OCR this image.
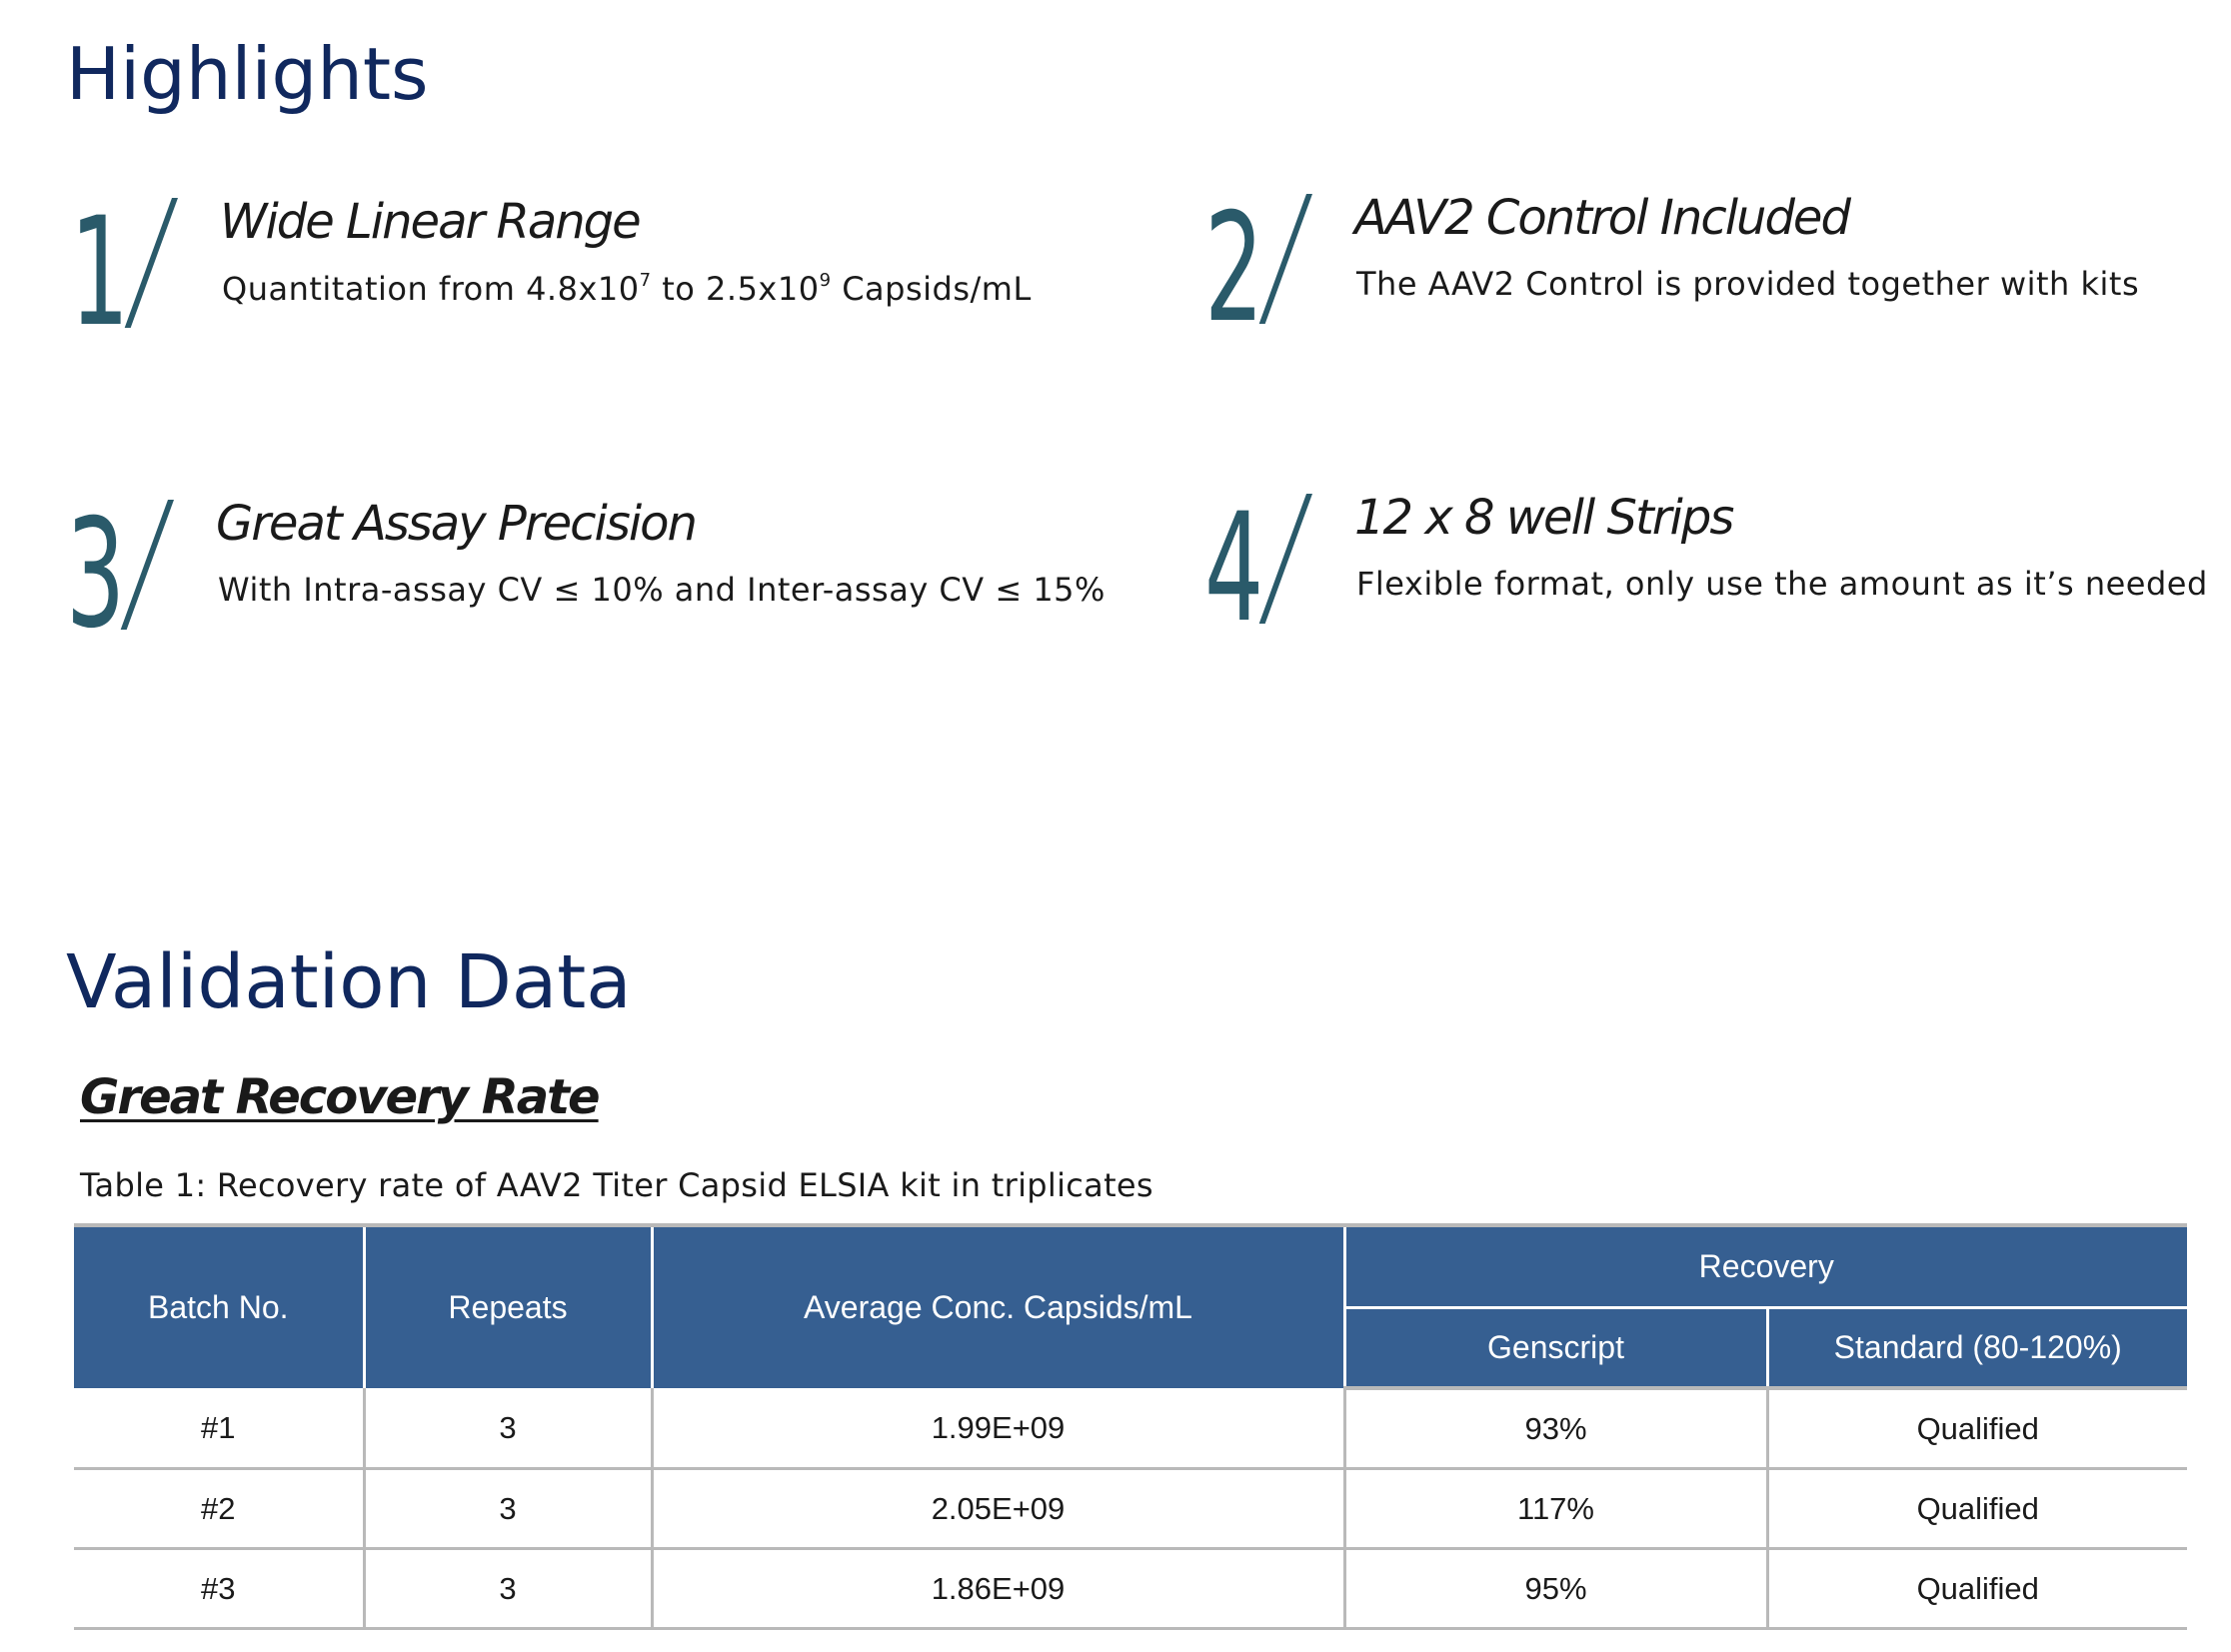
Highlights
1 Wide Linear Range
Quantitation from $4.8x10^7$ to $2.5x10^9$ Capsids/mL 2 AAV2 Control Included
The AAV2 Control is provided together with kits
3 Great Assay Precision
With Intra-assay CV ≤ 10% and Inter-assay CV ≤ 15% 4 12 x 8 well Strips
Flexible format, only use the amount as it’s needed
Validation Data
Great Recovery Rate

Table 1: Recovery rate of AAV2 Titer Capsid ELSIA kit in triplicates

Batch No.	Repeats	Average Conc. Capsids/mL	Recovery	
			Genscript	Standard (80-120%)
#1	3	1.99E+09	93%	Qualified
#2	3	2.05E+09	117%	Qualified
#3	3	1.86E+09	95%	Qualified
